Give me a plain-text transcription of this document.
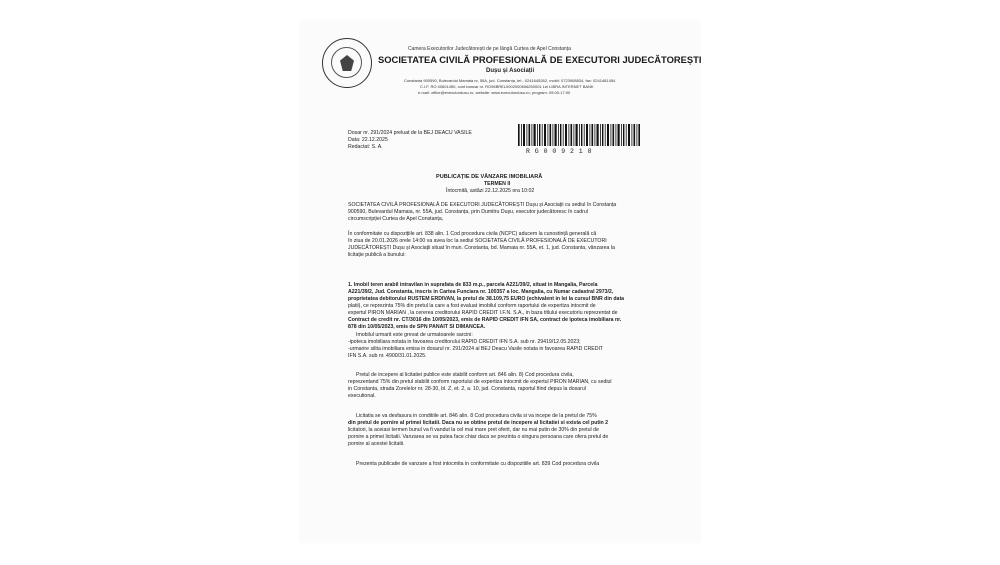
Camera Executorilor Judecătorești de pe lângă Curtea de Apel Constanța
SOCIETATEA CIVILĂ PROFESIONALĂ DE EXECUTORI JUDECĂTOREȘTI
Dușu și Asociații
Constanța 900590, Bulevardul Mamaia nr. 55A, jud. Constanța, tel.: 0241645262, mobil: 0723908834, fax: 0241481454
C.I.F. RO 40601450, cont bancar nr. RO96BREL0002000606250001 Lei LIBRA INTERNET BANK
e-mail: office@executordusu.ro, website: www.executordusu.ro; program: 09:00-17:00
Dosar nr. 291/2024 preluat de la BEJ DEACU VASILE
Data: 22.12.2025
Redactat: S. A.
R G 0 0 9 2 1 8
PUBLICAȚIE DE VÂNZARE IMOBILIARĂ
TERMEN II
Întocmită, astăzi 22.12.2025 ora 10:02
SOCIETATEA CIVILĂ PROFESIONALĂ DE EXECUTORI JUDECĂTOREȘTI Dușu și Asociații cu sediul în Constanța
900590, Bulevardul Mamaia, nr. 55A, jud. Constanța, prin Dumitru Dușu, executor judecătoresc în cadrul
circumscripției Curtea de Apel Constanța,
În conformitate cu dispozițiile art. 838 alin. 1 Cod procedura civila (NCPC) aducem la cunostință generală că
în ziua de 20.01.2026 orele 14:00 va avea loc la sediul SOCIETATEA CIVILĂ PROFESIONALĂ DE EXECUTORI
JUDECĂTOREȘTI Dușu și Asociații situat în mun. Constanta, bd. Mamaia nr. 55A, et. 1, jud. Constanta, vânzarea la
licitație publică a bunului:
1. Imobil teren arabil intravilan in suprafata de 833 m.p., parcela A221/39/2, situat in Mangalia, Parcela
A221/39/2, Jud. Constanta, inscris in Cartea Funciara nr. 100357 a loc. Mangalia, cu Numar cadastral 2973/2,
proprietatea debitorului RUSTEM ERDIVAN, la pretul de 38.109,75 EURO (echivalent in lei la cursul BNR din data
platii), ce reprezinta 75% din pretul la care a fost evaluat imobilul conform raportului de expertiza intocmit de
expertul PIRON MARIAN , la cererea creditorului RAPID CREDIT I.F.N. S.A., in baza titlului executoriu reprezentat de
Contract de credit nr. CT/3016 din 10/05/2023, emis de RAPID CREDIT IFN SA, contract de ipoteca imobiliara nr.
878 din 10/05/2023, emis de SPN PANAIT SI DIMANCEA.
Imobilul urmarit este grevat de urmatoarele sarcini:
-ipoteca imobiliara notata in favoarea creditorului RAPID CREDIT IFN S.A. sub nr. 29419/12.05.2023;
-urmarire silita imobiliara emisa in dosarul nr. 291/2024 al BEJ Deacu Vasile notata in favoarea RAPID CREDIT
IFN S.A. sub nr. 4900/31.01.2025.
Pretul de incepere al licitatiei publice este stabilit conform art. 846 alin. 8) Cod procedura civila,
reprezentand 75% din pretul stabilit conform raportului de expertiza intocmit de expertul PIRON MARIAN, cu sediul
in Constanta, strada Zorelelor nr. 28-30, bl. Z, et. 2, a. 10, jud. Constanta, raportul fiind depus la dosarul
executional.
Licitatia se va desfasura in conditiile art. 846 alin. 8 Cod procedura civila si va incepe de la pretul de 75%
din pretul de pornire al primei licitatii. Daca nu se obtine pretul de incepere al licitatiei si exista cel putin 2
licitatori, la aceiasi termen bunul va fi vandut la cel mai mare pret oferit, dar nu mai putin de 30% din pretul de
pornire a primei licitatii. Vanzarea se va putea face chiar daca se prezinta o singura persoana care ofera pretul de
pornire al acestei licitatii.
Prezenta publicatie de vanzare a fost intocmita in conformitate cu dispozitiile art. 839 Cod procedura civila
